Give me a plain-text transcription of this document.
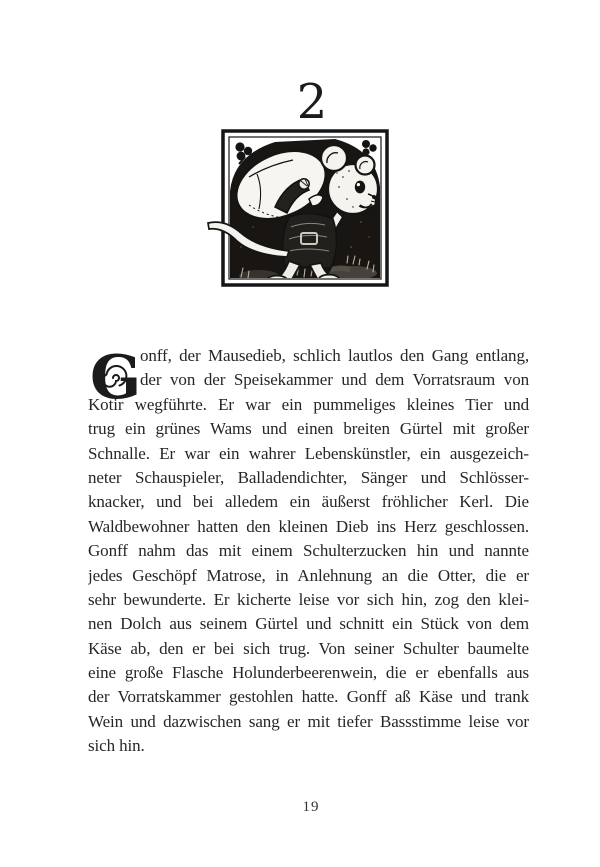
2
G
onff, der Mausedieb, schlich lautlos den Gang entlang,
der von der Speisekammer und dem Vorratsraum von
Kotir wegführte. Er war ein pummeliges kleines Tier und
trug ein grünes Wams und einen breiten Gürtel mit großer
Schnalle. Er war ein wahrer Lebenskünstler, ein ausgezeich-
neter Schauspieler, Balladendichter, Sänger und Schlösser-
knacker, und bei alledem ein äußerst fröhlicher Kerl. Die
Waldbewohner hatten den kleinen Dieb ins Herz geschlossen.
Gonff nahm das mit einem Schulterzucken hin und nannte
jedes Geschöpf Matrose, in Anlehnung an die Otter, die er
sehr bewunderte. Er kicherte leise vor sich hin, zog den klei-
nen Dolch aus seinem Gürtel und schnitt ein Stück von dem
Käse ab, den er bei sich trug. Von seiner Schulter baumelte
eine große Flasche Holunderbeerenwein, die er ebenfalls aus
der Vorratskammer gestohlen hatte. Gonff aß Käse und trank
Wein und dazwischen sang er mit tiefer Bassstimme leise vor
sich hin.
19
